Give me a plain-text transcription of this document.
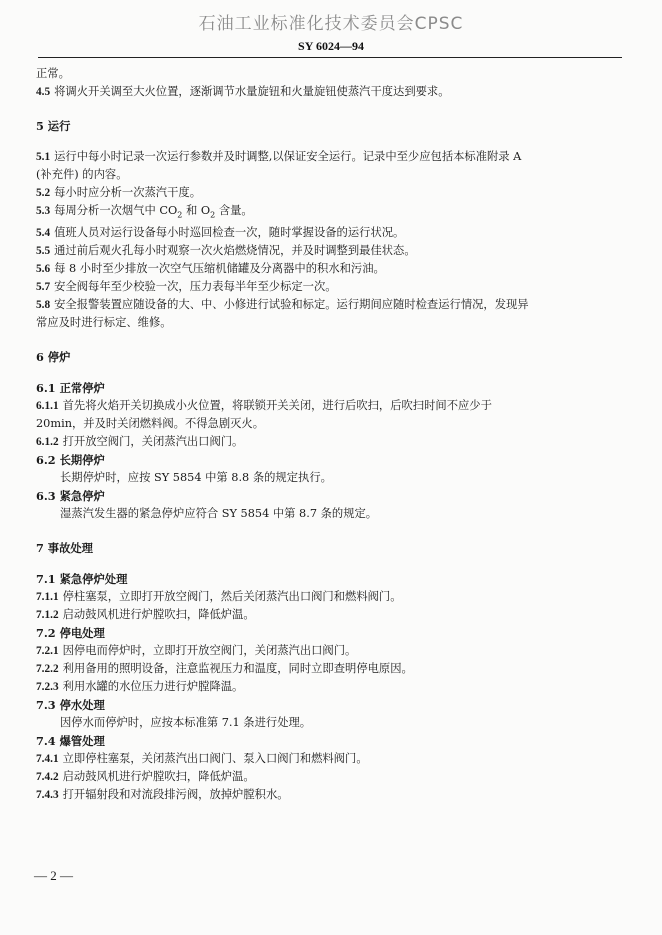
石油工业标准化技术委员会CPSC
SY 6024—94
正常。
4.5 将调火开关调至大火位置，逐渐调节水量旋钮和火量旋钮使蒸汽干度达到要求。
5 运行
5.1 运行中每小时记录一次运行参数并及时调整,以保证安全运行。记录中至少应包括本标准附录 A
(补充件) 的内容。
5.2 每小时应分析一次蒸汽干度。
5.3 每周分析一次烟气中 $CO_2$ 和 $O_2$ 含量。
5.4 值班人员对运行设备每小时巡回检查一次，随时掌握设备的运行状况。
5.5 通过前后观火孔每小时观察一次火焰燃烧情况，并及时调整到最佳状态。
5.6 每 8 小时至少排放一次空气压缩机储罐及分离器中的积水和污油。
5.7 安全阀每年至少校验一次，压力表每半年至少标定一次。
5.8 安全报警装置应随设备的大、中、小修进行试验和标定。运行期间应随时检查运行情况，发现异
常应及时进行标定、维修。
6 停炉
6.1 正常停炉
6.1.1 首先将火焰开关切换成小火位置，将联锁开关关闭，进行后吹扫，后吹扫时间不应少于
20min，并及时关闭燃料阀。不得急剧灭火。
6.1.2 打开放空阀门，关闭蒸汽出口阀门。
6.2 长期停炉
长期停炉时，应按 SY 5854 中第 8.8 条的规定执行。
6.3 紧急停炉
湿蒸汽发生器的紧急停炉应符合 SY 5854 中第 8.7 条的规定。
7 事故处理
7.1 紧急停炉处理
7.1.1 停柱塞泵，立即打开放空阀门，然后关闭蒸汽出口阀门和燃料阀门。
7.1.2 启动鼓风机进行炉膛吹扫，降低炉温。
7.2 停电处理
7.2.1 因停电而停炉时，立即打开放空阀门，关闭蒸汽出口阀门。
7.2.2 利用备用的照明设备，注意监视压力和温度，同时立即查明停电原因。
7.2.3 利用水罐的水位压力进行炉膛降温。
7.3 停水处理
因停水而停炉时，应按本标准第 7.1 条进行处理。
7.4 爆管处理
7.4.1 立即停柱塞泵，关闭蒸汽出口阀门、泵入口阀门和燃料阀门。
7.4.2 启动鼓风机进行炉膛吹扫，降低炉温。
7.4.3 打开辐射段和对流段排污阀，放掉炉膛积水。
— 2 —
